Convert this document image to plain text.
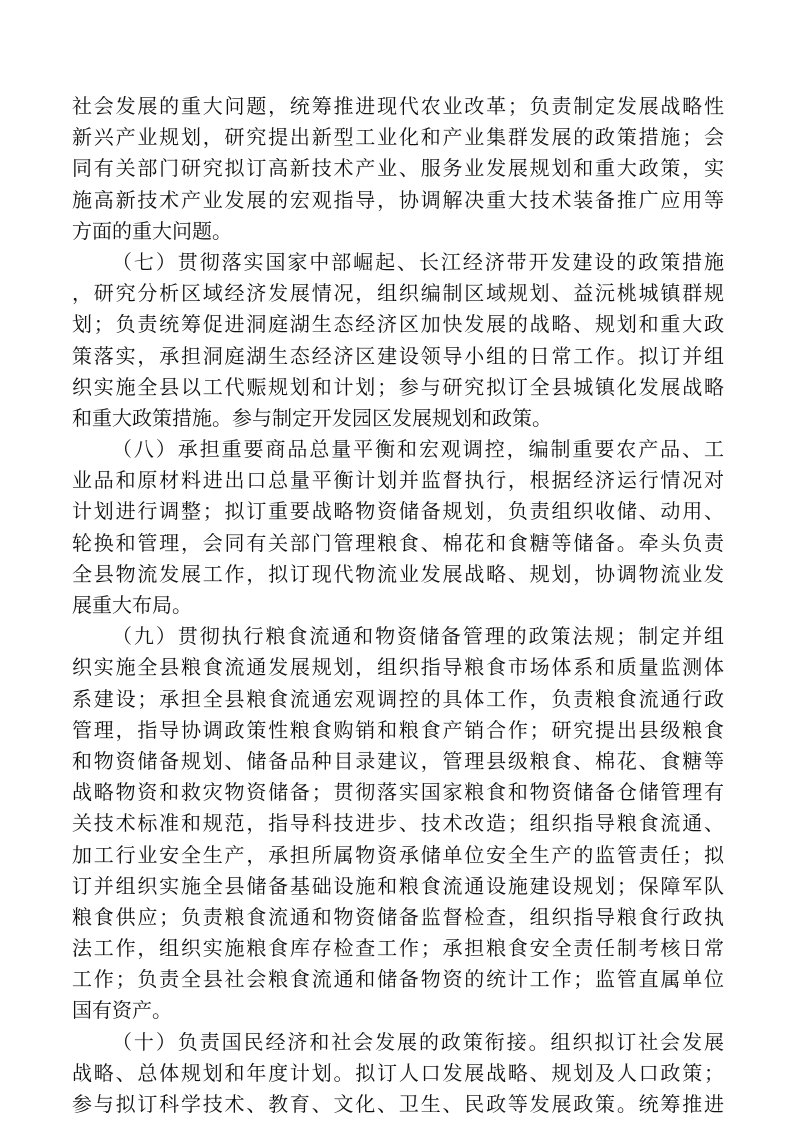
社会发展的重大问题，统筹推进现代农业改革；负责制定发展战略性
新兴产业规划，研究提出新型工业化和产业集群发展的政策措施；会
同有关部门研究拟订高新技术产业、服务业发展规划和重大政策，实
施高新技术产业发展的宏观指导，协调解决重大技术装备推广应用等
方面的重大问题。
（七）贯彻落实国家中部崛起、长江经济带开发建设的政策措施
，研究分析区域经济发展情况，组织编制区域规划、益沅桃城镇群规
划；负责统筹促进洞庭湖生态经济区加快发展的战略、规划和重大政
策落实，承担洞庭湖生态经济区建设领导小组的日常工作。拟订并组
织实施全县以工代赈规划和计划；参与研究拟订全县城镇化发展战略
和重大政策措施。参与制定开发园区发展规划和政策。
（八）承担重要商品总量平衡和宏观调控，编制重要农产品、工
业品和原材料进出口总量平衡计划并监督执行，根据经济运行情况对
计划进行调整；拟订重要战略物资储备规划，负责组织收储、动用、
轮换和管理，会同有关部门管理粮食、棉花和食糖等储备。牵头负责
全县物流发展工作，拟订现代物流业发展战略、规划，协调物流业发
展重大布局。
（九）贯彻执行粮食流通和物资储备管理的政策法规；制定并组
织实施全县粮食流通发展规划，组织指导粮食市场体系和质量监测体
系建设；承担全县粮食流通宏观调控的具体工作，负责粮食流通行政
管理，指导协调政策性粮食购销和粮食产销合作；研究提出县级粮食
和物资储备规划、储备品种目录建议，管理县级粮食、棉花、食糖等
战略物资和救灾物资储备；贯彻落实国家粮食和物资储备仓储管理有
关技术标准和规范，指导科技进步、技术改造；组织指导粮食流通、
加工行业安全生产，承担所属物资承储单位安全生产的监管责任；拟
订并组织实施全县储备基础设施和粮食流通设施建设规划；保障军队
粮食供应；负责粮食流通和物资储备监督检查，组织指导粮食行政执
法工作，组织实施粮食库存检查工作；承担粮食安全责任制考核日常
工作；负责全县社会粮食流通和储备物资的统计工作；监管直属单位
国有资产。
（十）负责国民经济和社会发展的政策衔接。组织拟订社会发展
战略、总体规划和年度计划。拟订人口发展战略、规划及人口政策；
参与拟订科学技术、教育、文化、卫生、民政等发展政策。统筹推进
